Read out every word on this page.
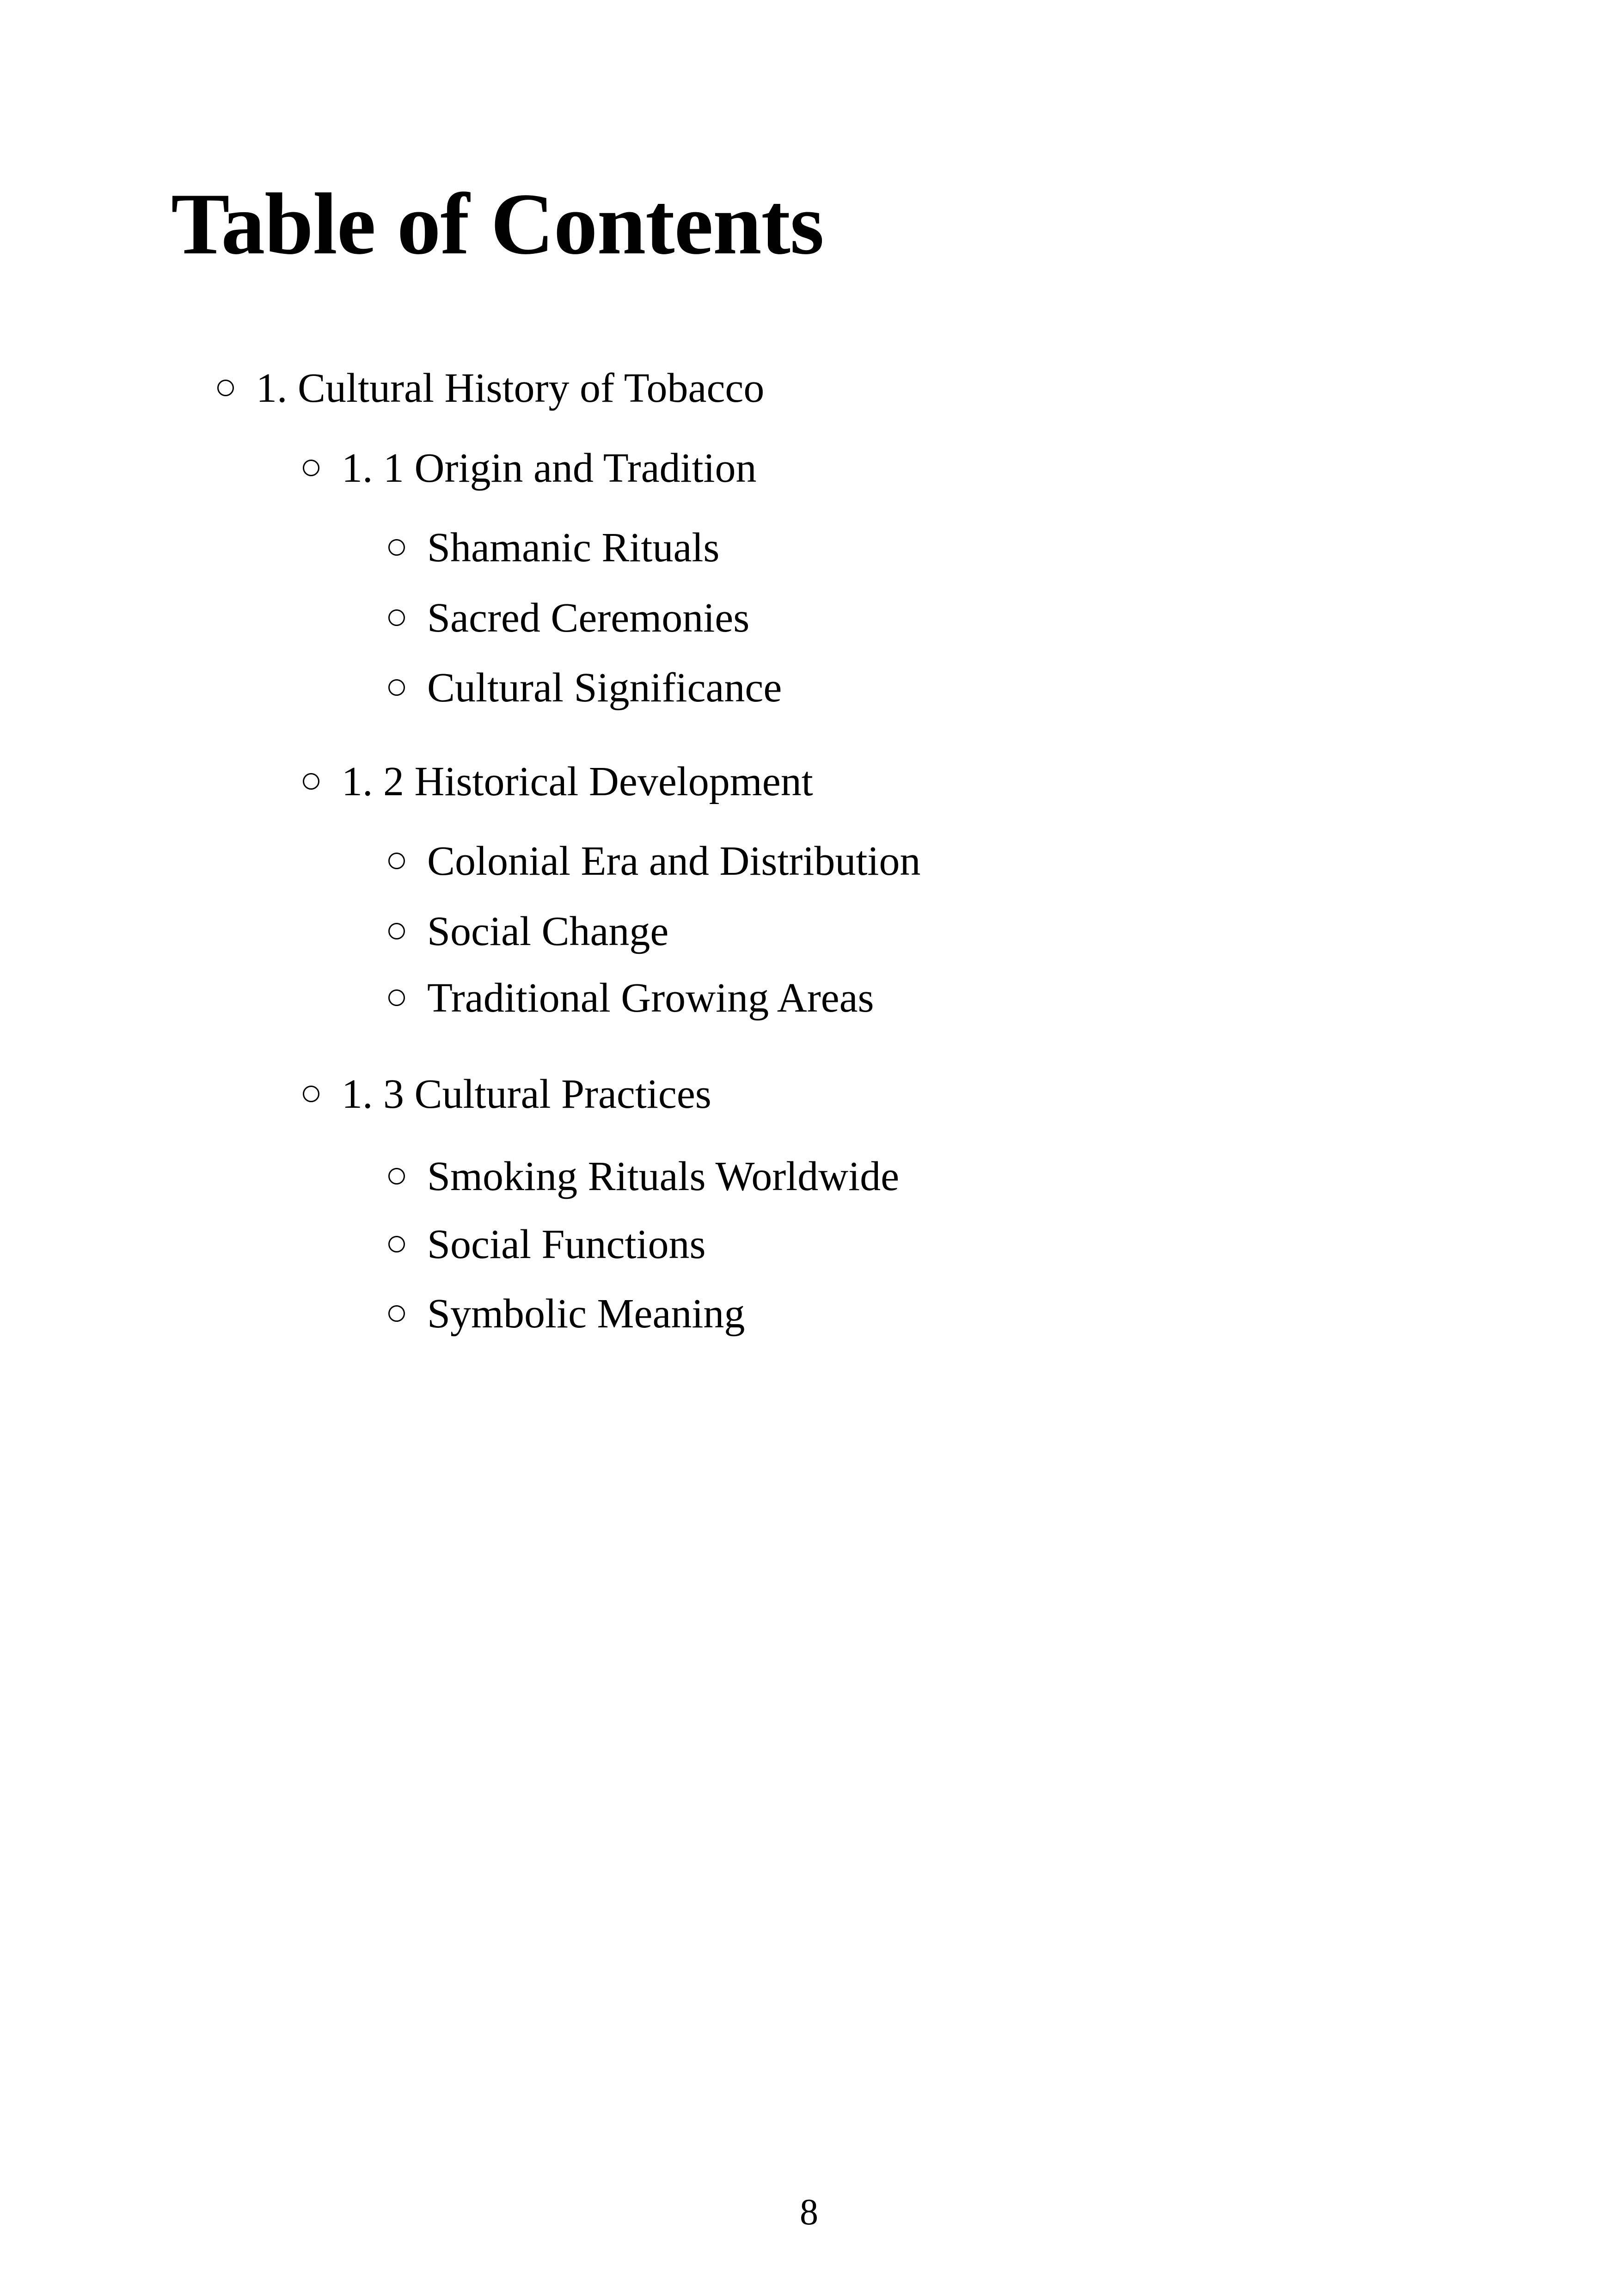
Table of Contents
1. Cultural History of Tobacco
1. 1 Origin and Tradition
Shamanic Rituals
Sacred Ceremonies
Cultural Significance
1. 2 Historical Development
Colonial Era and Distribution
Social Change
Traditional Growing Areas
1. 3 Cultural Practices
Smoking Rituals Worldwide
Social Functions
Symbolic Meaning
8
